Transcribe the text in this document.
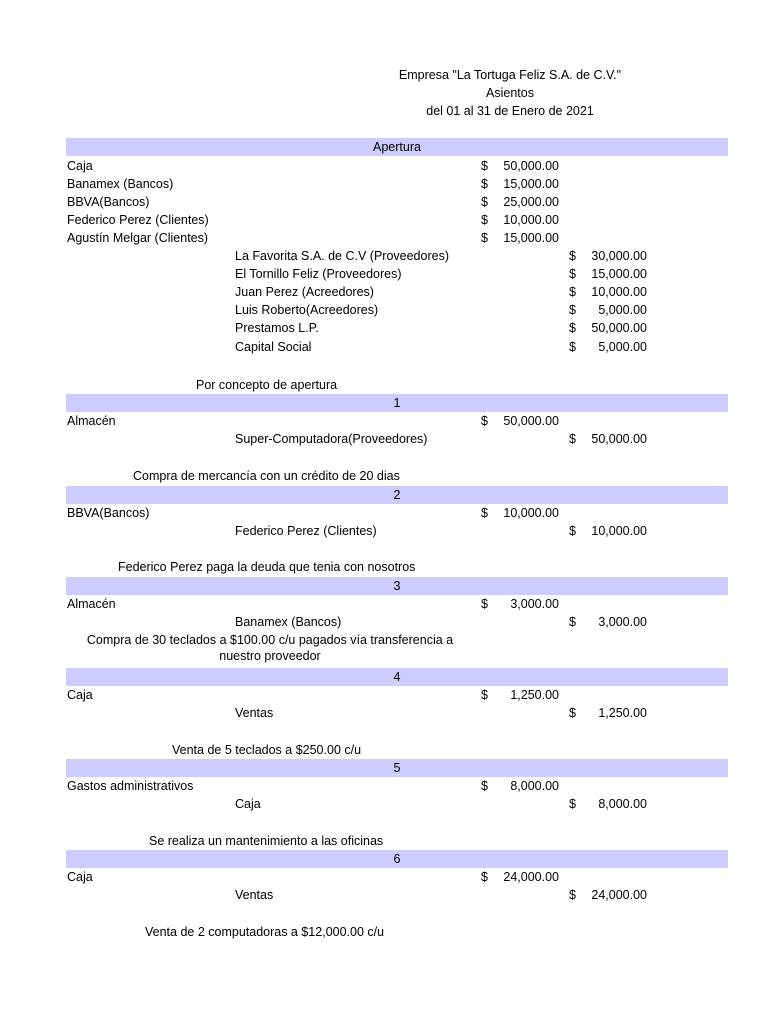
Empresa "La Tortuga Feliz S.A. de C.V."
Asientos
del 01 al 31 de Enero de 2021
Apertura
Caja	$	50,000.00
Banamex (Bancos)	$	15,000.00
BBVA(Bancos)	$	25,000.00
Federico Perez (Clientes)	$	10,000.00
Agustín Melgar (Clientes)	$	15,000.00
La Favorita S.A. de C.V (Proveedores)	$	30,000.00
El Tornillo Feliz (Proveedores)	$	15,000.00
Juan Perez (Acreedores)	$	10,000.00
Luis Roberto(Acreedores)	$	5,000.00
Prestamos L.P.	$	50,000.00
Capital Social	$	5,000.00
Por concepto de apertura
1
Almacén	$	50,000.00
Super-Computadora(Proveedores)	$	50,000.00
Compra de mercancía con un crédito de 20 dias
2
BBVA(Bancos)	$	10,000.00
Federico Perez (Clientes)	$	10,000.00
Federico Perez paga la deuda que tenia con nosotros
3
Almacén	$	3,000.00
Banamex (Bancos)	$	3,000.00
Compra de 30 teclados a $100.00 c/u pagados vía transferencia a nuestro proveedor
4
Caja	$	1,250.00
Ventas	$	1,250.00
Venta de 5 teclados a $250.00 c/u
5
Gastos administrativos	$	8,000.00
Caja	$	8,000.00
Se realiza un mantenimiento a las oficinas
6
Caja	$	24,000.00
Ventas	$	24,000.00
Venta de 2 computadoras a $12,000.00 c/u
